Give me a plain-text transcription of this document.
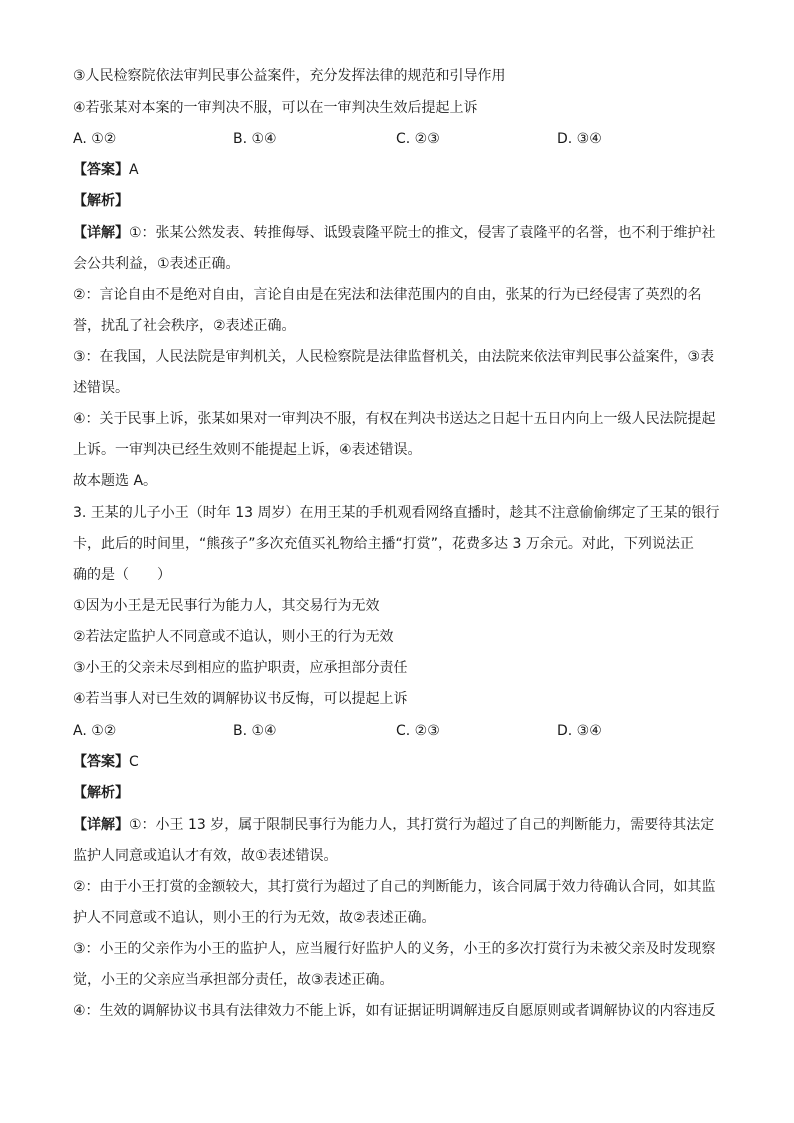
③人民检察院依法审判民事公益案件，充分发挥法律的规范和引导作用
④若张某对本案的一审判决不服，可以在一审判决生效后提起上诉
A. ①②	B. ①④	C. ②③	D. ③④
【答案】A
【解析】
【详解】①：张某公然发表、转推侮辱、诋毁袁隆平院士的推文，侵害了袁隆平的名誉，也不利于维护社
会公共利益，①表述正确。
②：言论自由不是绝对自由，言论自由是在宪法和法律范围内的自由，张某的行为已经侵害了英烈的名
誉，扰乱了社会秩序，②表述正确。
③：在我国，人民法院是审判机关，人民检察院是法律监督机关，由法院来依法审判民事公益案件，③表
述错误。
④：关于民事上诉，张某如果对一审判决不服，有权在判决书送达之日起十五日内向上一级人民法院提起
上诉。一审判决已经生效则不能提起上诉，④表述错误。
故本题选 A。
3. 王某的儿子小王（时年 13 周岁）在用王某的手机观看网络直播时，趁其不注意偷偷绑定了王某的银行
卡，此后的时间里，“熊孩子”多次充值买礼物给主播“打赏”，花费多达 3 万余元。对此，下列说法正
确的是（　　）
①因为小王是无民事行为能力人，其交易行为无效
②若法定监护人不同意或不追认，则小王的行为无效
③小王的父亲未尽到相应的监护职责，应承担部分责任
④若当事人对已生效的调解协议书反悔，可以提起上诉
A. ①②	B. ①④	C. ②③	D. ③④
【答案】C
【解析】
【详解】①：小王 13 岁，属于限制民事行为能力人，其打赏行为超过了自己的判断能力，需要待其法定
监护人同意或追认才有效，故①表述错误。
②：由于小王打赏的金额较大，其打赏行为超过了自己的判断能力，该合同属于效力待确认合同，如其监
护人不同意或不追认，则小王的行为无效，故②表述正确。
③：小王的父亲作为小王的监护人，应当履行好监护人的义务，小王的多次打赏行为未被父亲及时发现察
觉，小王的父亲应当承担部分责任，故③表述正确。
④：生效的调解协议书具有法律效力不能上诉，如有证据证明调解违反自愿原则或者调解协议的内容违反
